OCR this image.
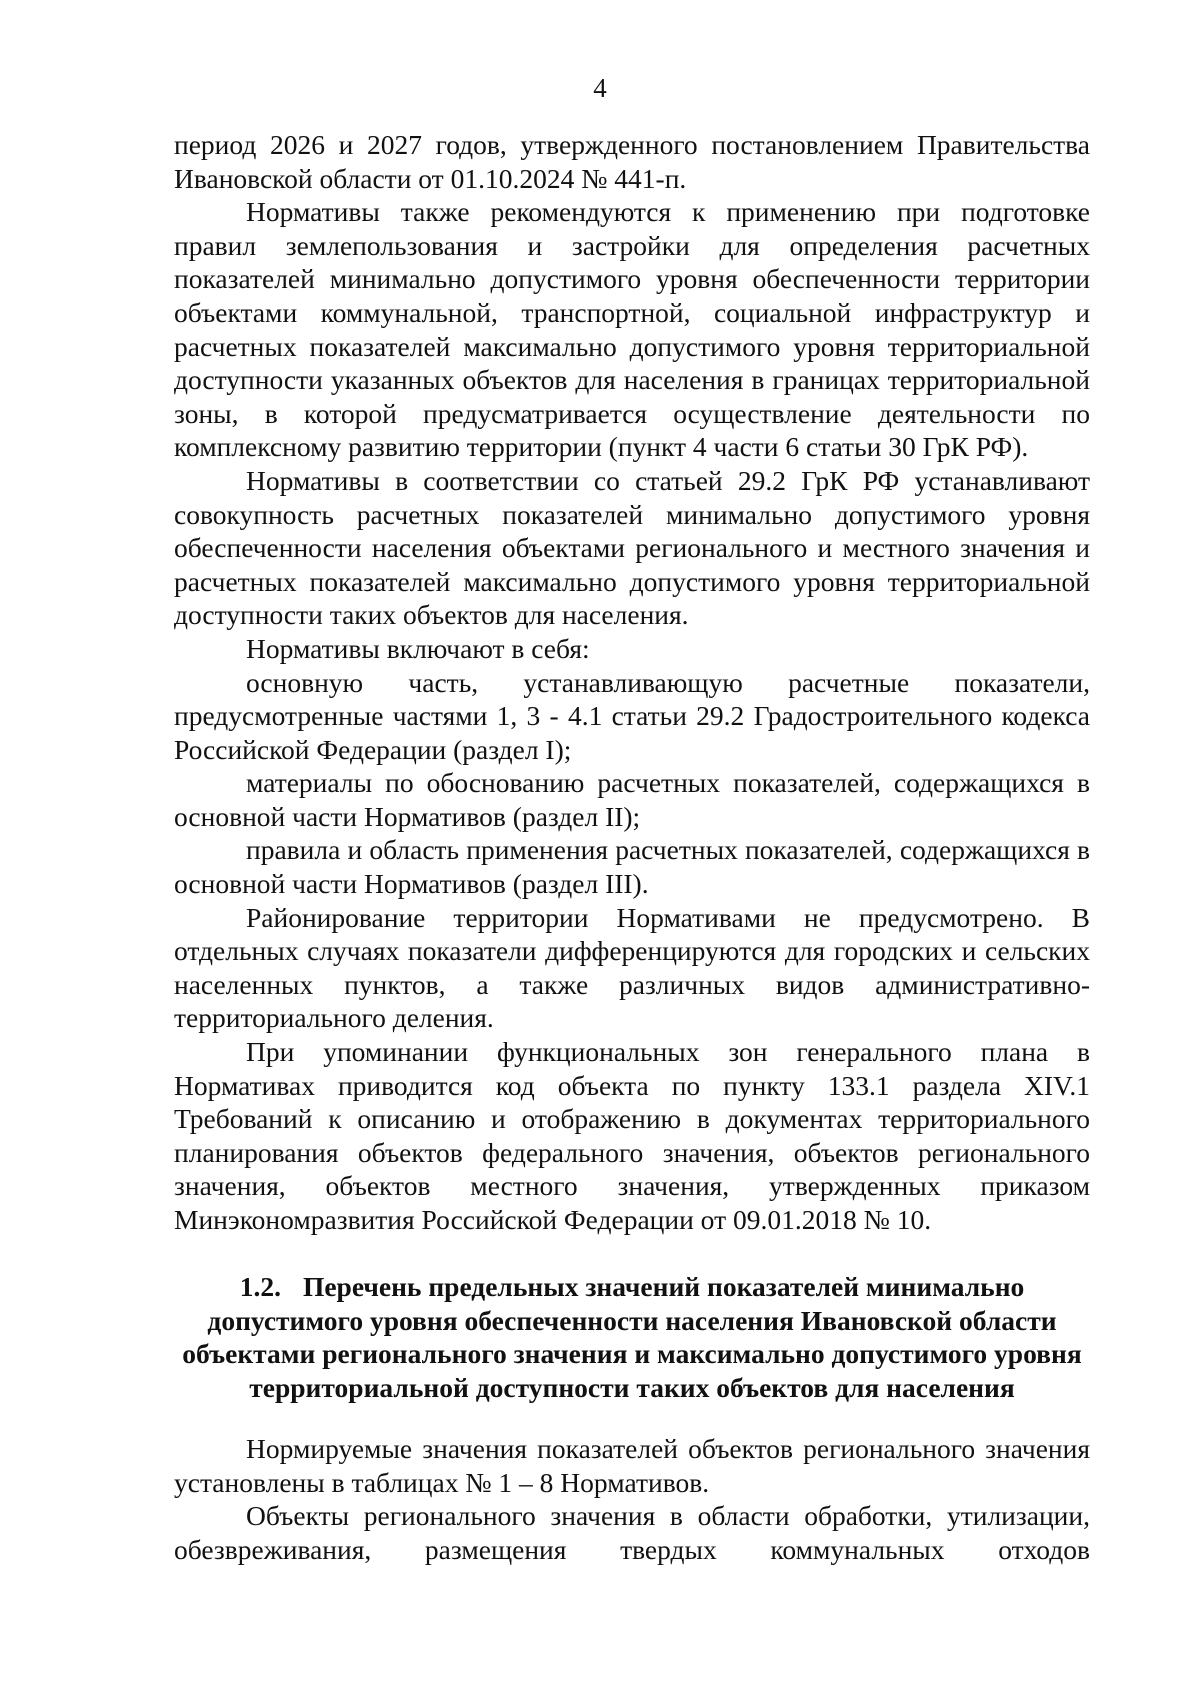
4

период 2026 и 2027 годов, утвержденного постановлением Правительства Ивановской области от 01.10.2024 № 441-п.

Нормативы также рекомендуются к применению при подготовке правил землепользования и застройки для определения расчетных показателей минимально допустимого уровня обеспеченности территории объектами коммунальной, транспортной, социальной инфраструктур и расчетных показателей максимально допустимого уровня территориальной доступности указанных объектов для населения в границах территориальной зоны, в которой предусматривается осуществление деятельности по комплексному развитию территории (пункт 4 части 6 статьи 30 ГрК РФ).

Нормативы в соответствии со статьей 29.2 ГрК РФ устанавливают совокупность расчетных показателей минимально допустимого уровня обеспеченности населения объектами регионального и местного значения и расчетных показателей максимально допустимого уровня территориальной доступности таких объектов для населения.

Нормативы включают в себя:

основную часть, устанавливающую расчетные показатели, предусмотренные частями 1, 3 - 4.1 статьи 29.2 Градостроительного кодекса Российской Федерации (раздел I);

материалы по обоснованию расчетных показателей, содержащихся в основной части Нормативов (раздел II);

правила и область применения расчетных показателей, содержащихся в основной части Нормативов (раздел III).

Районирование территории Нормативами не предусмотрено. В отдельных случаях показатели дифференцируются для городских и сельских населенных пунктов, а также различных видов административно-территориального деления.

При упоминании функциональных зон генерального плана в Нормативах приводится код объекта по пункту 133.1 раздела XIV.1 Требований к описанию и отображению в документах территориального планирования объектов федерального значения, объектов регионального значения, объектов местного значения, утвержденных приказом Минэкономразвития Российской Федерации от 09.01.2018 № 10.

1.2. Перечень предельных значений показателей минимально допустимого уровня обеспеченности населения Ивановской области объектами регионального значения и максимально допустимого уровня территориальной доступности таких объектов для населения

Нормируемые значения показателей объектов регионального значения установлены в таблицах № 1 – 8 Нормативов.

Объекты регионального значения в области обработки, утилизации, обезвреживания, размещения твердых коммунальных отходов
